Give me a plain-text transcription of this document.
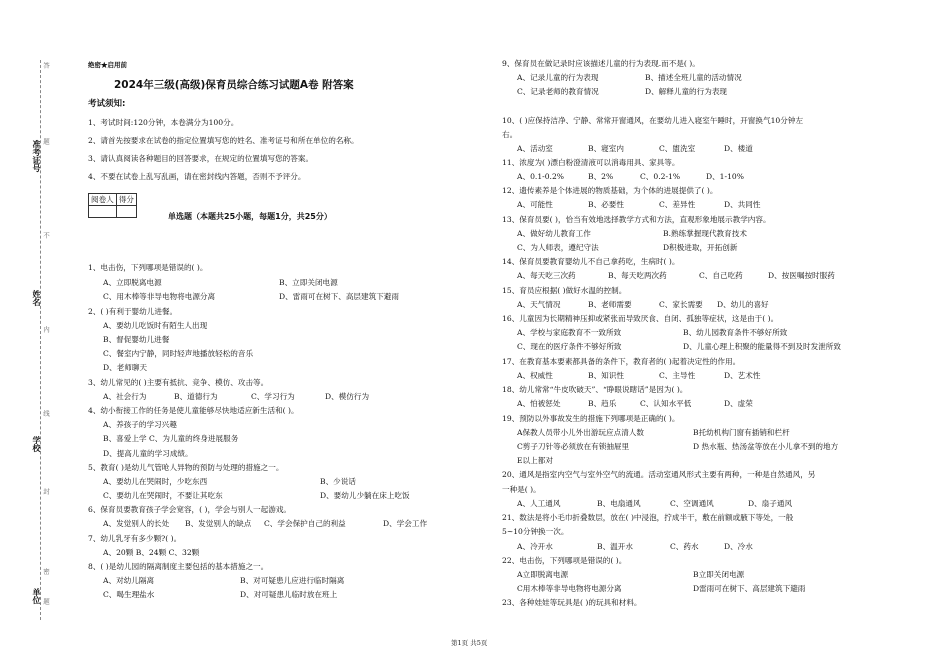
答
题
不
内
线
封
密
题
准考证号
姓名
学校
单位
绝密★启用前
2024年三级(高级)保育员综合练习试题A卷 附答案
考试须知:
1、考试时间:120分钟，本卷满分为100分。
2、请首先按要求在试卷的指定位置填写您的姓名、准考证号和所在单位的名称。
3、请认真阅读各种题目的回答要求，在规定的位置填写您的答案。
4、不要在试卷上乱写乱画，请在密封线内答题，否则不予评分。
阅卷人	得分

单选题（本题共25小题，每题1分，共25分）
1、电击伤，下列哪项是错误的( )。
A、立即脱离电源	B、立即关闭电源
C、用木棒等非导电物将电源分离	D、雷雨可在树下、高层建筑下避雨
2、( )有利于婴幼儿进餐。
A、要幼儿吃饭时有陌生人出现
B、督促婴幼儿进餐
C、餐室内宁静，同时轻声地播放轻松的音乐
D、老师聊天
3、幼儿常见的( )主要有抵抗、竞争、模仿、攻击等。
A、社会行为	B、道德行为	C、学习行为	D、模仿行为
4、幼小衔接工作的任务是使儿童能够尽快地适应新生活和( )。
A、养孩子的学习兴趣
B、喜爱上学 C、为儿童的终身进展服务
D、提高儿童的学习成绩。
5、教育( )是幼儿气管呛人异物的预防与处理的措施之一。
A、要幼儿在哭闹时，少吃东西	B、少说话
C、要幼儿在哭闹时，不要让其吃东	D、要幼儿少躺在床上吃饭
6、保育员要教育孩子学会宽容，( )，学会与别人一起游戏。
A、发觉别人的长处 B、发觉别人的缺点 C、学会保护自己的利益	D、学会工作
7、幼儿乳牙有多少颗?( )。
A、20颗 B、24颗 C、32颗
8、( )是幼儿园的隔离制度主要包括的基本措施之一。
A、对幼儿隔离	B、对可疑患儿应进行临时隔离
C、喝生理盐水	D、对可疑患儿临时放在班上
9、保育员在做记录时应该描述儿童的行为表现.而不是( )。
A、记录儿童的行为表现	B、描述全班儿童的活动情况
C、记录老师的教育情况	D、解释儿童的行为表现
10、( )应保持洁净、宁静、常常开窗通风，在要幼儿进入寝室午睡时，开窗换气10分钟左
右。
A、活动室	B、寝室内	C、盥洗室	D、楼道
11、浓度为( )漂白粉澄清液可以消毒用具、家具等。
A、0.1-0.2%	B、2%	C、0.2-1%	D、1-10%
12、遗传素养是个体进展的物质基础，为个体的进展提供了( )。
A、可能性	B、必要性	C、差异性	D、共同性
13、保育员要( )，恰当有效地选择教学方式和方法，直观形象地展示教学内容。
A、做好幼儿教育工作	B.熟练掌握现代教育技术
C、为人师表，遵纪守法	D积极进取，开拓创新
14、保育员要教育婴幼儿不自己拿药吃，生病时( )。
A、每天吃三次药	B、每天吃两次药	C、自己吃药	D、按医嘱按时服药
15、育员应根据( )做好水温的控制。
A、天气情况	B、老师需要	C、家长需要 D、幼儿的喜好
16、儿童因为长期精神压抑或紧张而导致厌食、自闭、孤独等症状，这是由于( )。
A、学校与家庭教育不一致所致	B、幼儿园教育条件不够好所致
C、现在的医疗条件不够好所致	D、儿童心理上积聚的能量得不到及时发泄所致
17、在教育基本要素都具备的条件下，教育者的( )起着决定性的作用。
A、权威性	B、知识性	C、主导性	D、艺术性
18、幼儿常常“牛皮吹破天”、“睁眼说瞎话”是因为( )。
A、怕被惩处	B、趋乐	C、认知水平低	D、虚荣
19、预防以外事故发生的措施下列哪项是正确的( )。
A保教人员带小儿外出游玩应点清人数	B托幼机构门窗有插销和栏杆
C剪子刀针等必须放在有锁抽屉里	D 热水瓶、热汤盆等放在小儿拿不到的地方
E以上都对
20、通风是指室内空气与室外空气的流通。活动室通风形式主要有两种，一种是自然通风，另
一种是( )。
A、人工通风	B、电扇通风	C、空调通风	D、扇子通风
21、数法是将小毛巾折叠数层，放在( )中浸泡，拧成半干，敷在前额或腋下等处，一般
5~10分钟换一次。
A、冷开水	B、温开水	C、药水	D、冷水
22、电击伤，下列哪项是错误的( )。
A立即脱离电源	B立即关闭电源
C用木棒等非导电物将电源分离	D雷雨可在树下、高层建筑下避雨
23、各种娃娃等玩具是( )的玩具和材料。
第1页 共5页
